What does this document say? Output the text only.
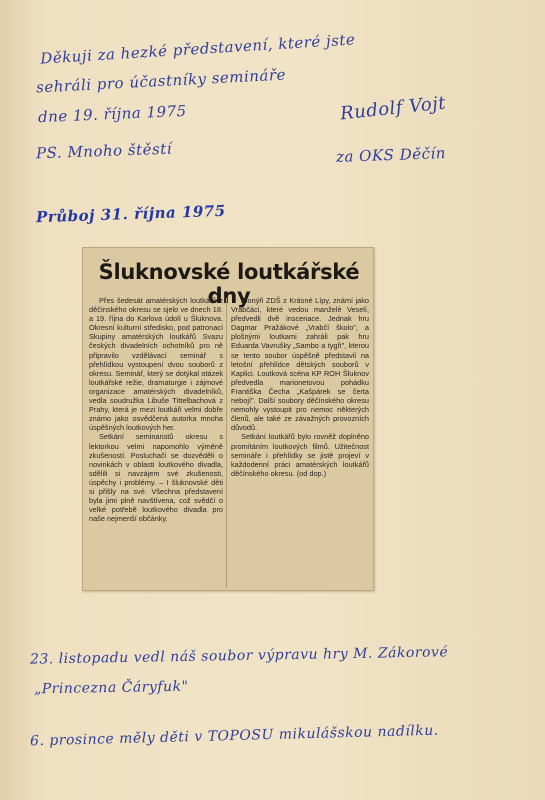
Děkuji za hezké představení, které jste

sehráli pro účastníky semináře

dne 19. října 1975	Rudolf Vojt

PS. Mnoho štěstí	za OKS Děčín

Průboj 31. října 1975

Šluknovské loutkářské dny

Přes šedesát amatérských loutkářů z děčínského okresu se sjelo ve dnech 18. a 19. října do Karlova údolí u Šluknova. Okresní kulturní středisko, pod patronací Skupiny amatérských loutkářů Svazu českých divadelních ochotníků pro ně připravilo vzdělávací seminář s přehlídkou vystoupení dvou souborů z okresu. Seminář, který se dotýkal otázek loutkářské režie, dramaturgie i zájmové organizace amatérských divadelníků, vedla soudružka Libuše Tittelbachová z Prahy, která je mezi loutkáři velmi dobře známo jako osvědčená autorka mnoha úspěšných loutkových her.

Setkání seminaristů okresu s lektorkou velmi napomohlo výměně zkušeností. Posluchači se dozvěděli o novinkách v oblasti loutkového divadla, sdělili si navzájem své zkušenosti, úspěchy i problémy. – I šluknovské děti si přišly na své. Všechna představení byla jimi plně navštívena, což svědčí o velké potřebě loutkového divadla pro naše nejmenší občánky.

Pionýři ZDŠ z Krásné Lípy, známí jako Vrabčáci, které vedou manželé Veselí, předvedli dvě inscenace. Jednak hru Dagmar Pražákové „Vrabčí školo", a plošnými loutkami zahráli pak hru Eduarda Vavrušky „Sambo a tygři", kterou se tento soubor úspěšně představil na letošní přehlídce dětských souborů v Kaplici. Loutková scéna KP ROH Šluknov předvedla marionetovou pohádku Františka Čecha „Kašpárek se čerta nebojí". Další soubory děčínského okresu nemohly vystoupit pro nemoc některých členů, ale také ze závažných provozních důvodů.

Setkání loutkářů bylo rovněž doplněno promítáním loutkových filmů. Užitečnost semináře i přehlídky se jistě projeví v každodenní práci amatérských loutkářů děčínského okresu. (od dop.)

23. listopadu vedl náš soubor výpravu hry M. Zákorové

„Princezna Čáryfuk"

6. prosince měly děti v TOPOSU mikulášskou nadílku.
